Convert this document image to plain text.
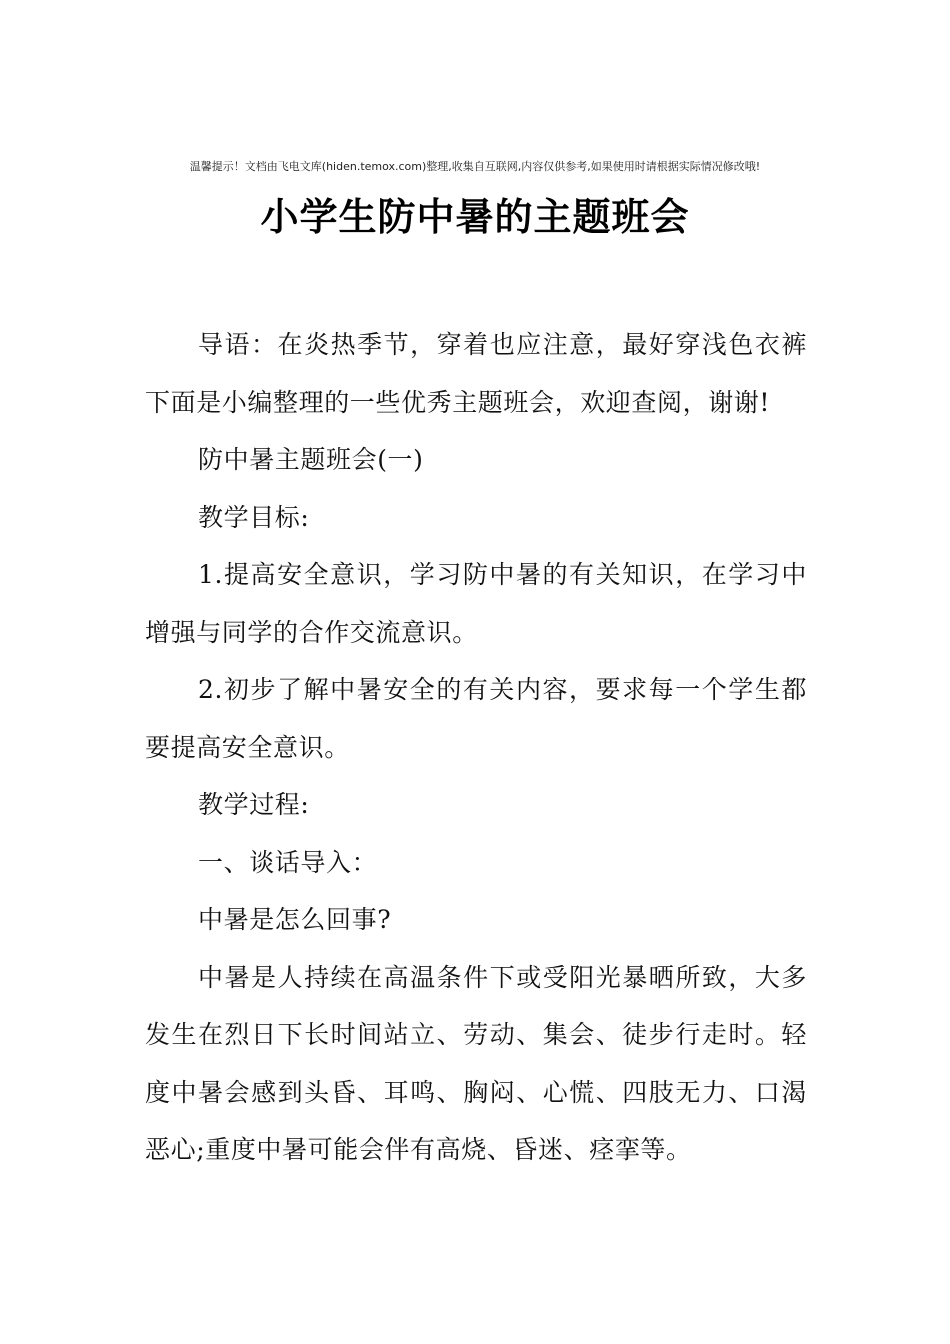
温馨提示！文档由飞电文库(hiden.temox.com)整理,收集自互联网,内容仅供参考,如果使用时请根据实际情况修改哦!
小学生防中暑的主题班会

导语：在炎热季节，穿着也应注意，最好穿浅色衣裤下面是小编整理的一些优秀主题班会，欢迎查阅，谢谢!

防中暑主题班会(一)

教学目标:

1.提高安全意识，学习防中暑的有关知识，在学习中增强与同学的合作交流意识。

2.初步了解中暑安全的有关内容，要求每一个学生都要提高安全意识。

教学过程:

一、谈话导入：

中暑是怎么回事?

中暑是人持续在高温条件下或受阳光暴晒所致，大多发生在烈日下长时间站立、劳动、集会、徒步行走时。轻度中暑会感到头昏、耳鸣、胸闷、心慌、四肢无力、口渴恶心;重度中暑可能会伴有高烧、昏迷、痉挛等。
